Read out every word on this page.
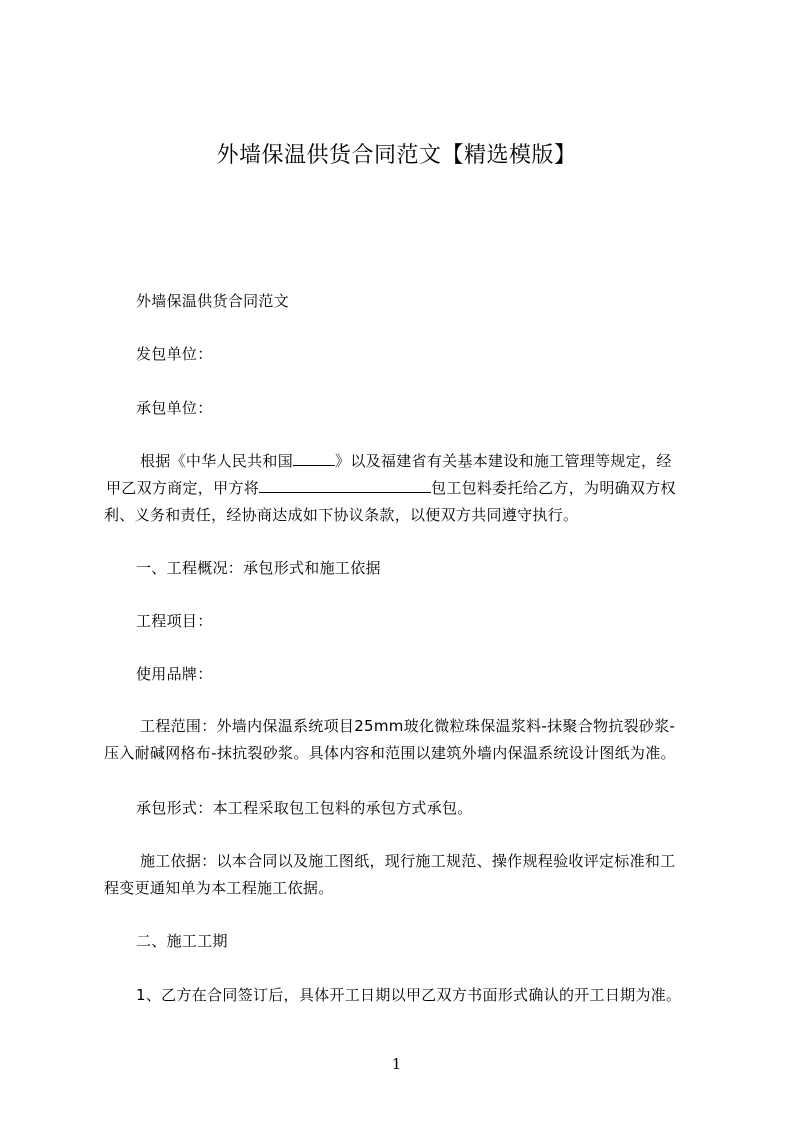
外墙保温供货合同范文【精选模版】
外墙保温供货合同范文
发包单位：
承包单位：
根据《中华人民共和国	》以及福建省有关基本建设和施工管理等规定，经
甲乙双方商定，甲方将	包工包料委托给乙方，为明确双方权
利、义务和责任，经协商达成如下协议条款，以便双方共同遵守执行。
一、工程概况：承包形式和施工依据
工程项目：
使用品牌：
工程范围：外墙内保温系统项目25mm玻化微粒珠保温浆料-抹聚合物抗裂砂浆-
压入耐碱网格布-抹抗裂砂浆。具体内容和范围以建筑外墙内保温系统设计图纸为准。
承包形式：本工程采取包工包料的承包方式承包。
施工依据：以本合同以及施工图纸，现行施工规范、操作规程验收评定标准和工
程变更通知单为本工程施工依据。
二、施工工期
1、乙方在合同签订后，具体开工日期以甲乙双方书面形式确认的开工日期为准。
1
